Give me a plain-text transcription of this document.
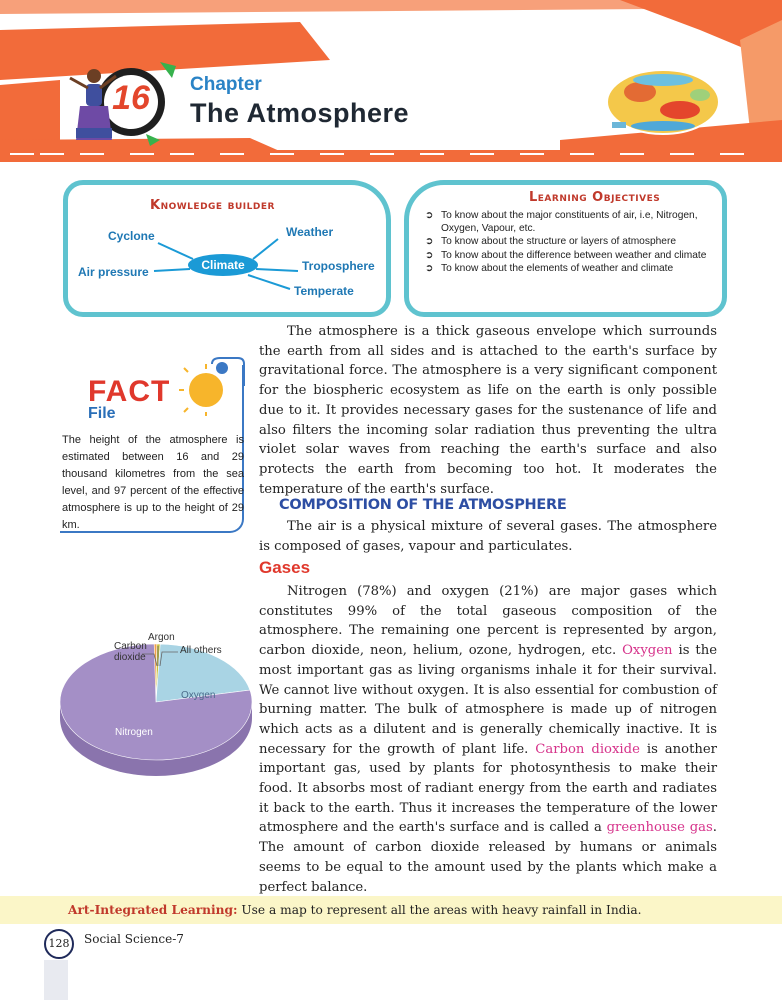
16 Chapter
The Atmosphere
Knowledge builder
Climate
Cyclone	Weather
Air pressure	Troposphere
Temperate
Learning Objectives
➲ To know about the major constituents of air, i.e, Nitrogen, Oxygen, Vapour, etc.
➲ To know about the structure or layers of atmosphere
➲ To know about the difference between weather and climate
➲ To know about the elements of weather and climate
FACT
File
The height of the atmosphere is estimated between 16 and 29 thousand kilometres from the sea level, and 97 percent of the effective atmosphere is up to the height of 29 km.
Argon
Carbon
dioxide
All others
Oxygen
Nitrogen

The atmosphere is a thick gaseous envelope which surrounds the earth from all sides and is attached to the earth's surface by gravitational force. The atmosphere is a very significant component for the biospheric ecosystem as life on the earth is only possible due to it. It provides necessary gases for the sustenance of life and also filters the incoming solar radiation thus preventing the ultra violet solar waves from reaching the earth's surface and also protects the earth from becoming too hot. It moderates the temperature of the earth's surface.

COMPOSITION OF THE ATMOSPHERE

The air is a physical mixture of several gases. The atmosphere is composed of gases, vapour and particulates.

Gases

Nitrogen (78%) and oxygen (21%) are major gases which constitutes 99% of the total gaseous composition of the atmosphere. The remaining one percent is represented by argon, carbon dioxide, neon, helium, ozone, hydrogen, etc. Oxygen is the most important gas as living organisms inhale it for their survival. We cannot live without oxygen. It is also essential for combustion of burning matter. The bulk of atmosphere is made up of nitrogen which acts as a dilutent and is generally chemically inactive. It is necessary for the growth of plant life. Carbon dioxide is another important gas, used by plants for photosynthesis to make their food. It absorbs most of radiant energy from the earth and radiates it back to the earth. Thus it increases the temperature of the lower atmosphere and the earth's surface and is called a greenhouse gas. The amount of carbon dioxide released by humans or animals seems to be equal to the amount used by the plants which make a perfect balance.

Art-Integrated Learning: Use a map to represent all the areas with heavy rainfall in India.
128	Social Science-7
